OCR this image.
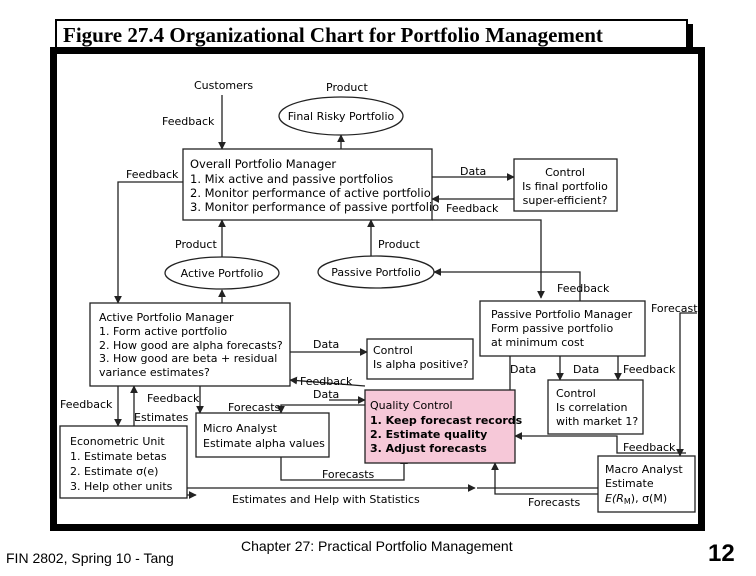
Figure 27.4 Organizational Chart for Portfolio Management
Overall Portfolio Manager
1. Mix active and passive portfolios
2. Monitor performance of active portfolio
3. Monitor performance of passive portfolio
Control
Is final portfolio
super-efficient?
Active Portfolio Manager
1. Form active portfolio
2. How good are alpha forecasts?
3. How good are beta + residual
variance estimates?
Control
Is alpha positive?
Passive Portfolio Manager
Form passive portfolio
at minimum cost
Control
Is correlation
with market 1?
Econometric Unit
1. Estimate betas
2. Estimate σ(e)
3. Help other units
Micro Analyst
Estimate alpha values
Quality Control
1. Keep forecast records
2. Estimate quality
3. Adjust forecasts
Macro Analyst
Estimate
E(RM), σ(M)
Final Risky Portfolio
Active Portfolio	Passive Portfolio
Customers	Product
Feedback
Feedback	Data
Feedback
Product	Product
Feedback
Forecasts
Data
Feedback
Data
Data	Data Feedback
Feedback	Feedback
Estimates
Forecasts
Forecasts
Estimates and Help with Statistics
Feedback
Forecasts
FIN 2802, Spring 10 - Tang
Chapter 27: Practical Portfolio Management	12
